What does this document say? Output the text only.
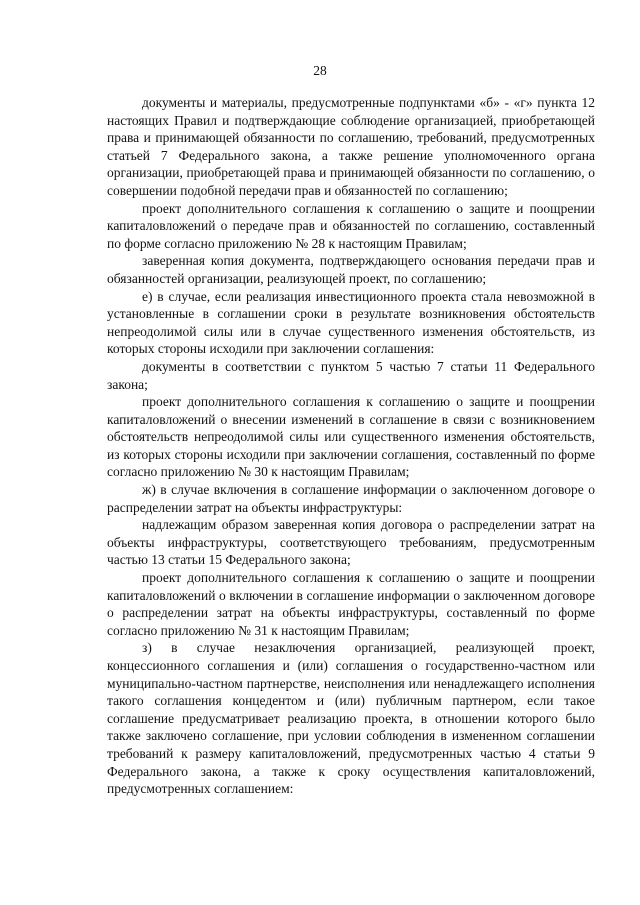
28

документы и материалы, предусмотренные подпунктами «б» - «г» пункта 12 настоящих Правил и подтверждающие соблюдение организацией, приобретающей права и принимающей обязанности по соглашению, требований, предусмотренных статьей 7 Федерального закона, а также решение уполномоченного органа организации, приобретающей права и принимающей обязанности по соглашению, о совершении подобной передачи прав и обязанностей по соглашению;

проект дополнительного соглашения к соглашению о защите и поощрении капиталовложений о передаче прав и обязанностей по соглашению, составленный по форме согласно приложению № 28 к настоящим Правилам;

заверенная копия документа, подтверждающего основания передачи прав и обязанностей организации, реализующей проект, по соглашению;

е) в случае, если реализация инвестиционного проекта стала невозможной в установленные в соглашении сроки в результате возникновения обстоятельств непреодолимой силы или в случае существенного изменения обстоятельств, из которых стороны исходили при заключении соглашения:

документы в соответствии с пунктом 5 частью 7 статьи 11 Федерального закона;

проект дополнительного соглашения к соглашению о защите и поощрении капиталовложений о внесении изменений в соглашение в связи с возникновением обстоятельств непреодолимой силы или существенного изменения обстоятельств, из которых стороны исходили при заключении соглашения, составленный по форме согласно приложению № 30 к настоящим Правилам;

ж) в случае включения в соглашение информации о заключенном договоре о распределении затрат на объекты инфраструктуры:

надлежащим образом заверенная копия договора о распределении затрат на объекты инфраструктуры, соответствующего требованиям, предусмотренным частью 13 статьи 15 Федерального закона;

проект дополнительного соглашения к соглашению о защите и поощрении капиталовложений о включении в соглашение информации о заключенном договоре о распределении затрат на объекты инфраструктуры, составленный по форме согласно приложению № 31 к настоящим Правилам;

з) в случае незаключения организацией, реализующей проект, концессионного соглашения и (или) соглашения о государственно-частном или муниципально-частном партнерстве, неисполнения или ненадлежащего исполнения такого соглашения концедентом и (или) публичным партнером, если такое соглашение предусматривает реализацию проекта, в отношении которого было также заключено соглашение, при условии соблюдения в измененном соглашении требований к размеру капиталовложений, предусмотренных частью 4 статьи 9 Федерального закона, а также к сроку осуществления капиталовложений, предусмотренных соглашением:
